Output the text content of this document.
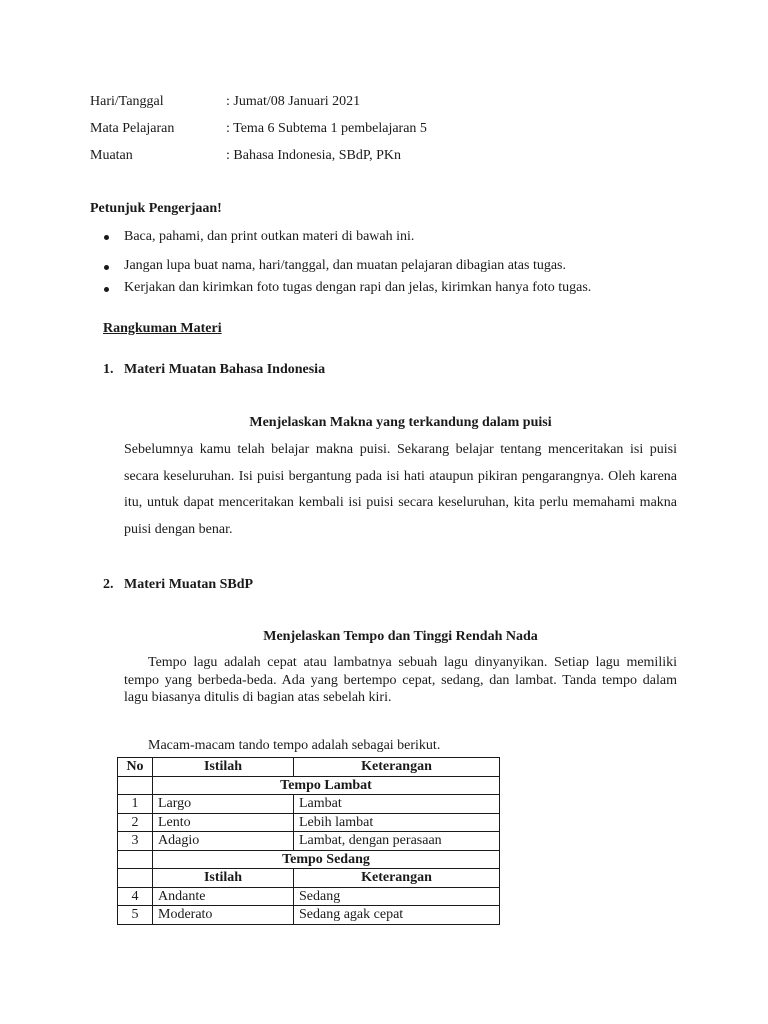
Hari/Tanggal	: Jumat/08 Januari 2021
Mata Pelajaran	: Tema 6 Subtema 1 pembelajaran 5
Muatan	: Bahasa Indonesia, SBdP, PKn
Petunjuk Pengerjaan!
Baca, pahami, dan print outkan materi di bawah ini.
Jangan lupa buat nama, hari/tanggal, dan muatan pelajaran dibagian atas tugas.
Kerjakan dan kirimkan foto tugas dengan rapi dan jelas, kirimkan hanya foto tugas.
Rangkuman Materi
1. Materi Muatan Bahasa Indonesia
Menjelaskan Makna yang terkandung dalam puisi
Sebelumnya kamu telah belajar makna puisi. Sekarang belajar tentang menceritakan isi puisi secara keseluruhan. Isi puisi bergantung pada isi hati ataupun pikiran pengarangnya. Oleh karena itu, untuk dapat menceritakan kembali isi puisi secara keseluruhan, kita perlu memahami makna puisi dengan benar.
2. Materi Muatan SBdP
Menjelaskan Tempo dan Tinggi Rendah Nada
Tempo lagu adalah cepat atau lambatnya sebuah lagu dinyanyikan. Setiap lagu memiliki tempo yang berbeda-beda. Ada yang bertempo cepat, sedang, dan lambat. Tanda tempo dalam lagu biasanya ditulis di bagian atas sebelah kiri.
Macam-macam tando tempo adalah sebagai berikut.
No	Istilah	Keterangan
	Tempo Lambat	
1	Largo	Lambat
2	Lento	Lebih lambat
3	Adagio	Lambat, dengan perasaan
	Tempo Sedang	
	Istilah	Keterangan
4	Andante	Sedang
5	Moderato	Sedang agak cepat
